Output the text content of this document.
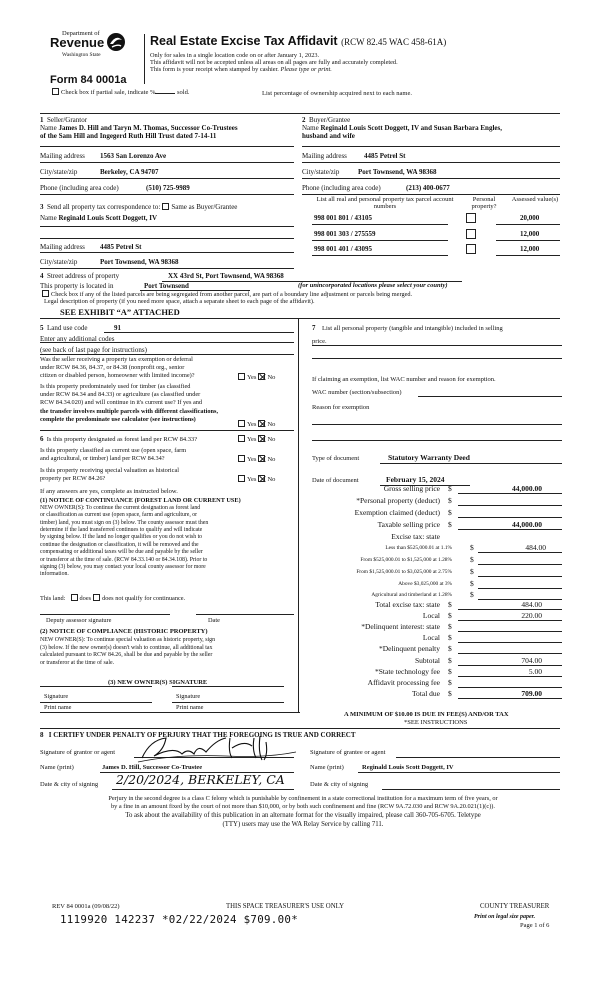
Department of
Revenue
Washington State
Form 84 0001a
Check box if partial sale, indicate %	sold.
Real Estate Excise Tax Affidavit (RCW 82.45 WAC 458-61A)
Only for sales in a single location code on or after January 1, 2023.
This affidavit will not be accepted unless all areas on all pages are fully and accurately completed.
This form is your receipt when stamped by cashier. Please type or print.
List percentage of ownership acquired next to each name.
1 Seller/Grantor
Name James D. Hill and Taryn M. Thomas, Successor Co-Trustees
of the Sam Hill and Ingegerd Ruth Hill Trust dated 7-14-11
Mailing address 1563 San Lorenzo Ave
City/state/zip	Berkeley, CA 94707
Phone (including area code)	(510) 725-9989
2 Buyer/Grantee
Name Reginald Louis Scott Doggett, IV and Susan Barbara Engles,
husband and wife
Mailing address 4485 Petrel St
City/state/zip	Port Townsend, WA 98368
Phone (including area code)	(213) 400-0677
3 Send all property tax correspondence to: Same as Buyer/Grantee
Name Reginald Louis Scott Doggett, IV
Mailing address 4485 Petrel St
City/state/zip	Port Townsend, WA 98368
List all real and personal property tax parcel account numbers
Personal property?
Assessed value(s)
998 001 801 / 43105	20,000
998 001 303 / 275559	12,000
998 001 401 / 43095	12,000
4 Street address of property	XX 43rd St, Port Townsend, WA 98368
This property is located in	Port Townsend	(for unincorporated locations please select your county)
Check box if any of the listed parcels are being segregated from another parcel, are part of a boundary line adjustment or parcels being merged.
Legal description of property (if you need more space, attach a separate sheet to each page of the affidavit).
SEE EXHIBIT “A” ATTACHED
5 Land use code	91
Enter any additional codes
(see back of last page for instructions)
Was the seller receiving a property tax exemption or deferral
under RCW 84.36, 84.37, or 84.38 (nonprofit org., senior
citizen or disabled person, homeowner with limited income)?	Yes No
Is this property predominately used for timber (as classified
under RCW 84.34 and 84.33) or agriculture (as classified under
RCW 84.34.020) and will continue in it's current use? If yes and
the transfer involves multiple parcels with different classifications,
complete the predominate use calculator (see instructions)
Yes No
6 Is this property designated as forest land per RCW 84.33?	Yes No
Is this property classified as current use (open space, farm
and agricultural, or timber) land per RCW 84.34?	Yes No
Is this property receiving special valuation as historical
property per RCW 84.26?	Yes No
If any answers are yes, complete as instructed below.
(1) NOTICE OF CONTINUANCE (FOREST LAND OR CURRENT USE)
NEW OWNER(S): To continue the current designation as forest land
or classification as current use (open space, farm and agriculture, or
timber) land, you must sign on (3) below. The county assessor must then
determine if the land transferred continues to qualify and will indicate
by signing below. If the land no longer qualifies or you do not wish to
continue the designation or classification, it will be removed and the
compensating or additional taxes will be due and payable by the seller
or transferor at the time of sale. (RCW 84.33.140 or 84.34.108). Prior to
signing (3) below, you may contact your local county assessor for more
information.
This land: does does not qualify for continuance.
Deputy assessor signature	Date
(2) NOTICE OF COMPLIANCE (HISTORIC PROPERTY)
NEW OWNER(S): To continue special valuation as historic property, sign
(3) below. If the new owner(s) doesn't wish to continue, all additional tax
calculated pursuant to RCW 84.26, shall be due and payable by the seller
or transferor at the time of sale.
(3) NEW OWNER(S) SIGNATURE
Signature	Signature
Print name	Print name
7 List all personal property (tangible and intangible) included in selling
price.
If claiming an exemption, list WAC number and reason for exemption.
WAC number (section/subsection)
Reason for exemption
Type of document	Statutory Warranty Deed
Date of document	February 15, 2024
Gross selling price $	44,000.00
*Personal property (deduct) $
Exemption claimed (deduct) $
Taxable selling price $	44,000.00
Excise tax: state
Less than $525,000.01 at 1.1% $	484.00
From $525,000.01 to $1,525,000 at 1.28% $
From $1,525,000.01 to $3,025,000 at 2.75% $
Above $3,025,000 at 3% $
Agricultural and timberland at 1.28% $
Total excise tax: state $	484.00
Local $	220.00
*Delinquent interest: state $
Local $
*Delinquent penalty $
Subtotal $	704.00
*State technology fee $	5.00
Affidavit processing fee $
Total due $	709.00
A MINIMUM OF $10.00 IS DUE IN FEE(S) AND/OR TAX
*SEE INSTRUCTIONS
8 I CERTIFY UNDER PENALTY OF PERJURY THAT THE FOREGOING IS TRUE AND CORRECT
Signature of grantor or agent	Signature of grantee or agent
Name (print)	James D. Hill, Successor Co-Trustee	Name (print)	Reginald Louis Scott Doggett, IV
Date & city of signing 2/20/2024, BERKELEY, CA	Date & city of signing
Perjury in the second degree is a class C felony which is punishable by confinement in a state correctional institution for a maximum term of five years, or
by a fine in an amount fixed by the court of not more than $10,000, or by both such confinement and fine (RCW 9A.72.030 and RCW 9A.20.021(1)(c)).
To ask about the availability of this publication in an alternate format for the visually impaired, please call 360-705-6705. Teletype
(TTY) users may use the WA Relay Service by calling 711.
REV 84 0001a (09/08/22)	THIS SPACE TREASURER'S USE ONLY	COUNTY TREASURER
1119920 142237 *02/22/2024 $709.00*	Print on legal size paper.
Page 1 of 6
